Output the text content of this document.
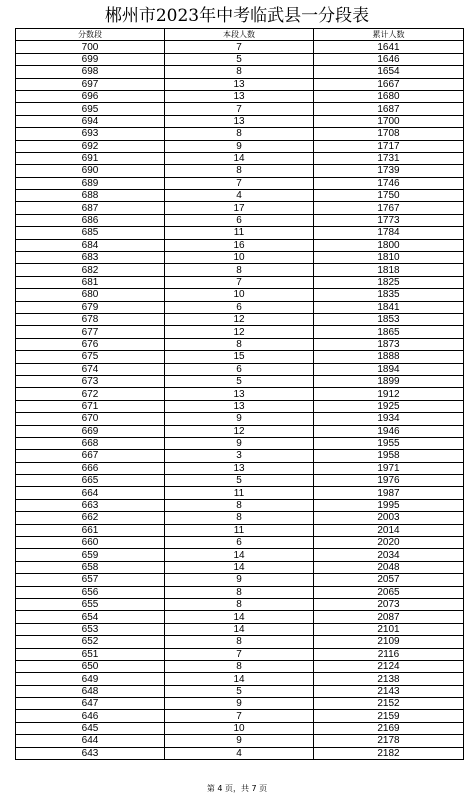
郴州市2023年中考临武县一分段表
分数段	本段人数	累计人数
700	7	1641
699	5	1646
698	8	1654
697	13	1667
696	13	1680
695	7	1687
694	13	1700
693	8	1708
692	9	1717
691	14	1731
690	8	1739
689	7	1746
688	4	1750
687	17	1767
686	6	1773
685	11	1784
684	16	1800
683	10	1810
682	8	1818
681	7	1825
680	10	1835
679	6	1841
678	12	1853
677	12	1865
676	8	1873
675	15	1888
674	6	1894
673	5	1899
672	13	1912
671	13	1925
670	9	1934
669	12	1946
668	9	1955
667	3	1958
666	13	1971
665	5	1976
664	11	1987
663	8	1995
662	8	2003
661	11	2014
660	6	2020
659	14	2034
658	14	2048
657	9	2057
656	8	2065
655	8	2073
654	14	2087
653	14	2101
652	8	2109
651	7	2116
650	8	2124
649	14	2138
648	5	2143
647	9	2152
646	7	2159
645	10	2169
644	9	2178
643	4	2182
第 4 页，共 7 页
